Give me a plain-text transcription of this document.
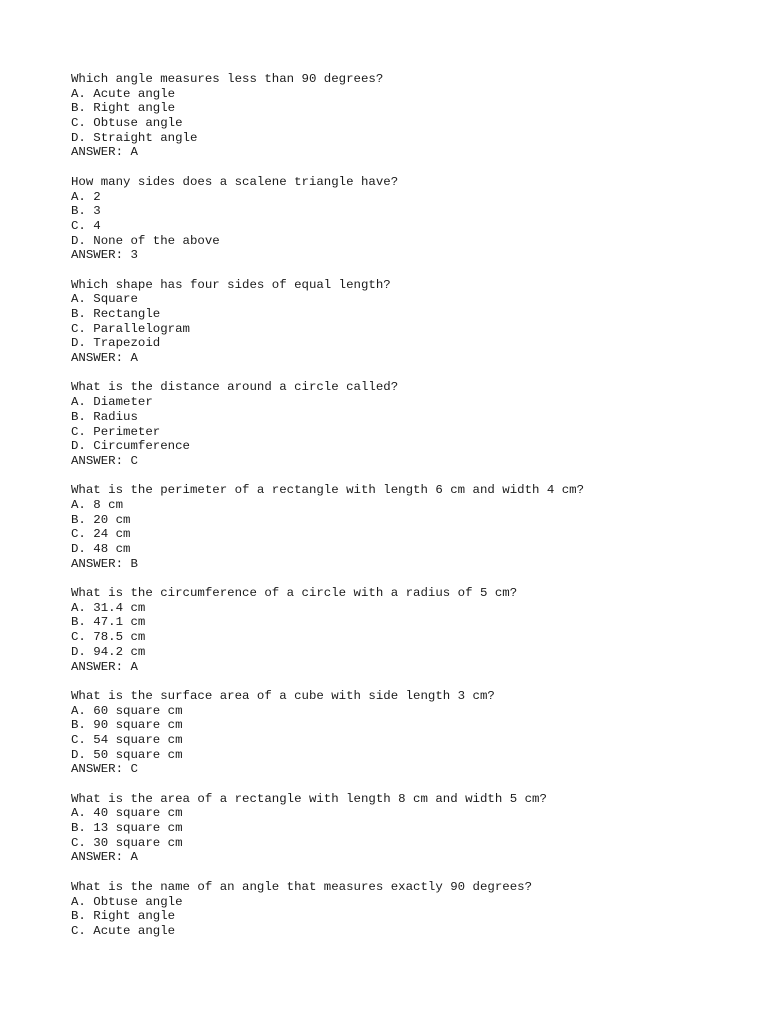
Which angle measures less than 90 degrees?
A. Acute angle
B. Right angle
C. Obtuse angle
D. Straight angle
ANSWER: A
How many sides does a scalene triangle have?
A. 2
B. 3
C. 4
D. None of the above
ANSWER: 3
Which shape has four sides of equal length?
A. Square
B. Rectangle
C. Parallelogram
D. Trapezoid
ANSWER: A
What is the distance around a circle called?
A. Diameter
B. Radius
C. Perimeter
D. Circumference
ANSWER: C
What is the perimeter of a rectangle with length 6 cm and width 4 cm?
A. 8 cm
B. 20 cm
C. 24 cm
D. 48 cm
ANSWER: B
What is the circumference of a circle with a radius of 5 cm?
A. 31.4 cm
B. 47.1 cm
C. 78.5 cm
D. 94.2 cm
ANSWER: A
What is the surface area of a cube with side length 3 cm?
A. 60 square cm
B. 90 square cm
C. 54 square cm
D. 50 square cm
ANSWER: C
What is the area of a rectangle with length 8 cm and width 5 cm?
A. 40 square cm
B. 13 square cm
C. 30 square cm
ANSWER: A
What is the name of an angle that measures exactly 90 degrees?
A. Obtuse angle
B. Right angle
C. Acute angle
